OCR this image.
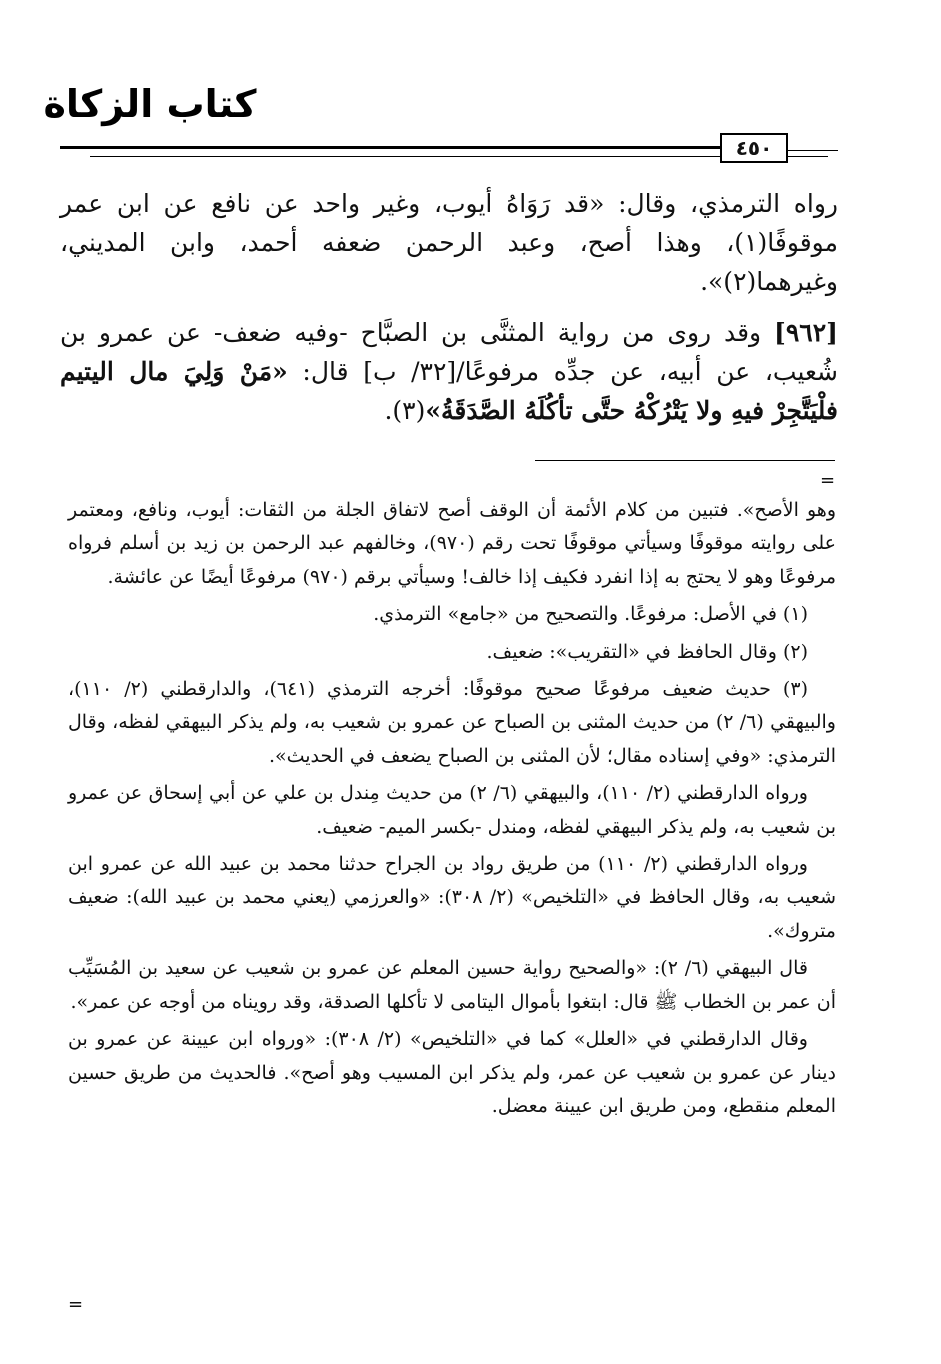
كتاب الزكاة
٤٥٠

رواه الترمذي، وقال: «قد رَوَاهُ أيوب، وغير واحد عن نافع عن ابن عمر موقوفًا(١)، وهذا أصح، وعبد الرحمن ضعفه أحمد، وابن المديني، وغيرهما(٢)».

[٩٦٢] وقد روى من رواية المثنَّى بن الصبَّاح -وفيه ضعف- عن عمرو بن شُعيب، عن أبيه، عن جدِّه مرفوعًا/[٣٢/ ب] قال: «مَنْ وَلِيَ مال اليتيم فلْيَتَّجِرْ فيهِ ولا يَتْرُكْهُ حتَّى تأكُلَهُ الصَّدَقَةُ»(٣).

=

وهو الأصح». فتبين من كلام الأئمة أن الوقف أصح لاتفاق الجلة من الثقات: أيوب، ونافع، ومعتمر على روايته موقوفًا وسيأتي موقوفًا تحت رقم (٩٧٠)، وخالفهم عبد الرحمن بن زيد بن أسلم فرواه مرفوعًا وهو لا يحتج به إذا انفرد فكيف إذا خالف! وسيأتي برقم (٩٧٠) مرفوعًا أيضًا عن عائشة.

(١) في الأصل: مرفوعًا. والتصحيح من «جامع» الترمذي.

(٢) وقال الحافظ في «التقريب»: ضعيف.

(٣) حديث ضعيف مرفوعًا صحيح موقوفًا: أخرجه الترمذي (٦٤١)، والدارقطني (٢/ ١١٠)، والبيهقي (٦/ ٢) من حديث المثنى بن الصباح عن عمرو بن شعيب به، ولم يذكر البيهقي لفظه، وقال الترمذي: «وفي إسناده مقال؛ لأن المثنى بن الصباح يضعف في الحديث».

ورواه الدارقطني (٢/ ١١٠)، والبيهقي (٦/ ٢) من حديث مِندل بن علي عن أبي إسحاق عن عمرو بن شعيب به، ولم يذكر البيهقي لفظه، ومندل -بكسر الميم- ضعيف.

ورواه الدارقطني (٢/ ١١٠) من طريق رواد بن الجراح حدثنا محمد بن عبيد الله عن عمرو ابن شعيب به، وقال الحافظ في «التلخيص» (٢/ ٣٠٨): «والعرزمي (يعني محمد بن عبيد الله): ضعيف متروك».

قال البيهقي (٦/ ٢): «والصحيح رواية حسين المعلم عن عمرو بن شعيب عن سعيد بن المُسَيِّب أن عمر بن الخطاب ﷺ قال: ابتغوا بأموال اليتامى لا تأكلها الصدقة، وقد رويناه من أوجه عن عمر».

وقال الدارقطني في «العلل» كما في «التلخيص» (٢/ ٣٠٨): «ورواه ابن عيينة عن عمرو بن دينار عن عمرو بن شعيب عن عمر، ولم يذكر ابن المسيب وهو أصح». فالحديث من طريق حسين المعلم منقطع، ومن طريق ابن عيينة معضل.

=
